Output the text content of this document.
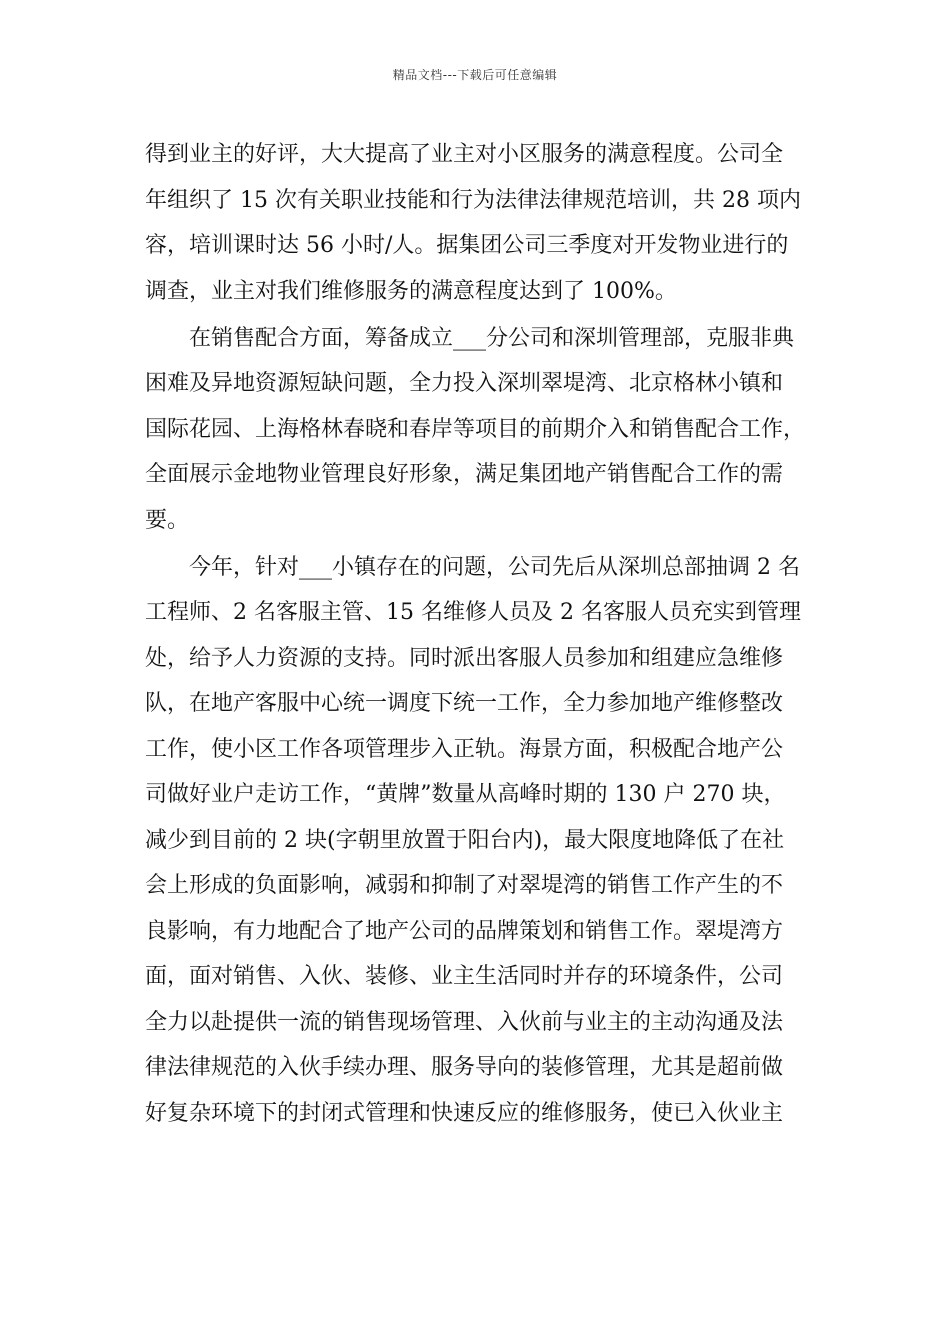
精品文档---下载后可任意编辑

得到业主的好评，大大提高了业主对小区服务的满意程度。公司全
年组织了 15 次有关职业技能和行为法律法律规范培训，共 28 项内
容，培训课时达 56 小时/人。据集团公司三季度对开发物业进行的
调查，业主对我们维修服务的满意程度达到了 100%。

在销售配合方面，筹备成立___分公司和深圳管理部，克服非典
困难及异地资源短缺问题，全力投入深圳翠堤湾、北京格林小镇和
国际花园、上海格林春晓和春岸等项目的前期介入和销售配合工作，
全面展示金地物业管理良好形象，满足集团地产销售配合工作的需
要。

今年，针对___小镇存在的问题，公司先后从深圳总部抽调 2 名
工程师、2 名客服主管、15 名维修人员及 2 名客服人员充实到管理
处，给予人力资源的支持。同时派出客服人员参加和组建应急维修
队，在地产客服中心统一调度下统一工作，全力参加地产维修整改
工作，使小区工作各项管理步入正轨。海景方面，积极配合地产公
司做好业户走访工作，“黄牌”数量从高峰时期的 130 户 270 块，
减少到目前的 2 块(字朝里放置于阳台内)，最大限度地降低了在社
会上形成的负面影响，减弱和抑制了对翠堤湾的销售工作产生的不
良影响，有力地配合了地产公司的品牌策划和销售工作。翠堤湾方
面，面对销售、入伙、装修、业主生活同时并存的环境条件，公司
全力以赴提供一流的销售现场管理、入伙前与业主的主动沟通及法
律法律规范的入伙手续办理、服务导向的装修管理，尤其是超前做
好复杂环境下的封闭式管理和快速反应的维修服务，使已入伙业主
